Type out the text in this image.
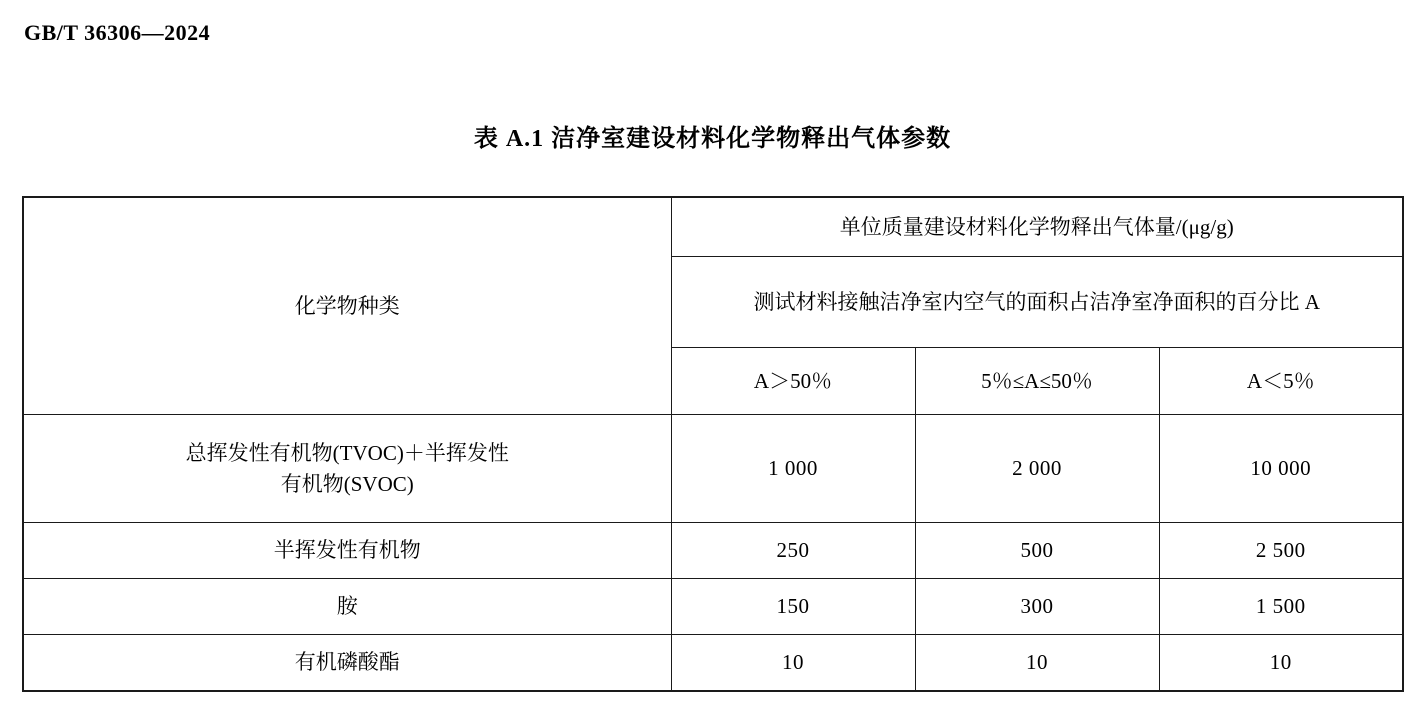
GB/T 36306—2024
表 A.1 洁净室建设材料化学物释出气体参数
化学物种类	单位质量建设材料化学物释出气体量/(μg/g)		
	测试材料接触洁净室内空气的面积占洁净室净面积的百分比 A		
	A＞50％	5％≤A≤50％	A＜5％

总挥发性有机物(TVOC)＋半挥发性
有机物(SVOC)	1 000	2 000	10 000
半挥发性有机物	250	500	2 500
胺	150	300	1 500
有机磷酸酯	10	10	10
